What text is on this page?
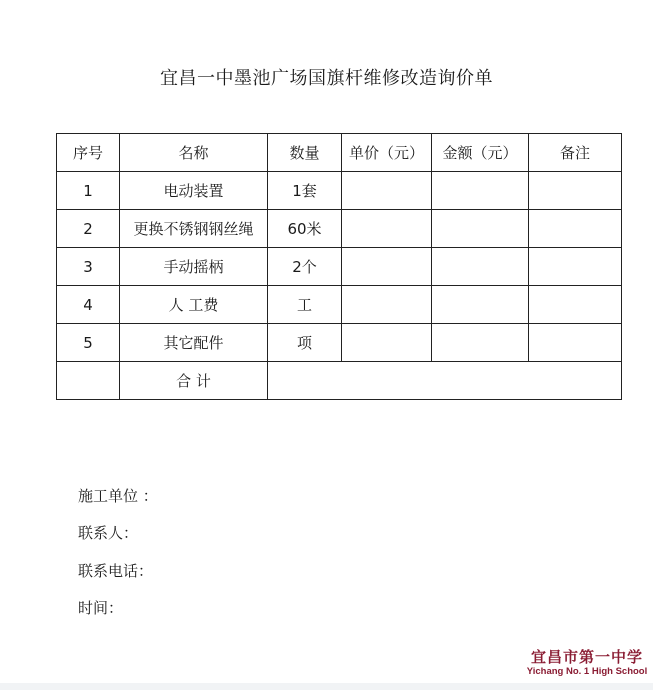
宜昌一中墨池广场国旗杆维修改造询价单
序号	名称	数量	单价（元）	金额（元）	备注
1	电动装置	1套			
2	更换不锈钢钢丝绳	60米			
3	手动摇柄	2个			
4	人 工费	工			
5	其它配件	项			
	合 计				
施工单位 ：
联系人：
联系电话：
时间：
宜昌市第一中学
Yichang No. 1 High School
